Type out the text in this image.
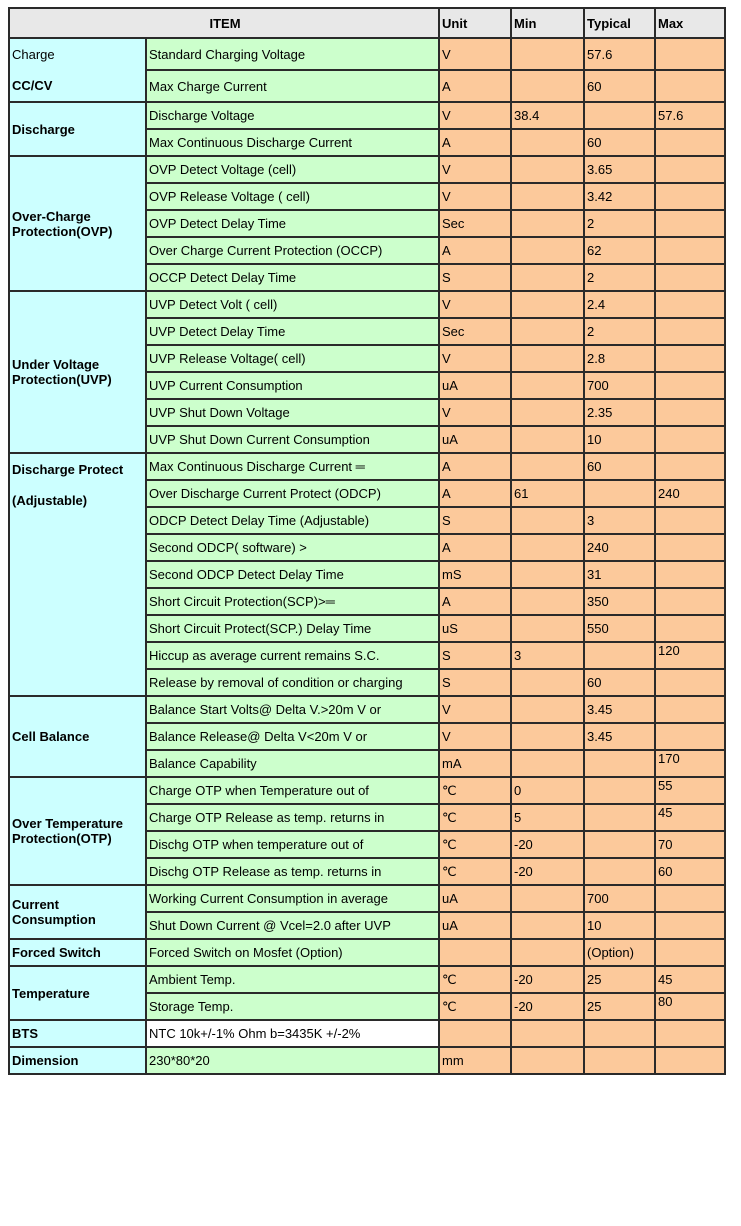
ITEM		Unit	Min	Typical	Max

Charge
CC/CV	Standard Charging Voltage	V		57.6	
	Max Charge Current	A		60	

Discharge	Discharge Voltage	V	38.4		57.6
	Max Continuous Discharge Current	A		60	

Over-Charge
Protection(OVP)	OVP Detect Voltage (cell)	V		3.65	
	OVP Release Voltage ( cell)	V		3.42	
	OVP Detect Delay Time	Sec		2	
	Over Charge Current Protection (OCCP)	A		62	
	OCCP Detect Delay Time	S		2	

Under Voltage
Protection(UVP)	UVP Detect Volt ( cell)	V		2.4	
	UVP Detect Delay Time	Sec		2	
	UVP Release Voltage( cell)	V		2.8	
	UVP Current Consumption	uA		700	
	UVP Shut Down Voltage	V		2.35	
	UVP Shut Down Current Consumption	uA		10	

Discharge Protect
(Adjustable)	Max Continuous Discharge Current ═	A		60	
	Over Discharge Current Protect (ODCP)	A	61		240
	ODCP Detect Delay Time (Adjustable)	S		3	
	Second ODCP( software) >	A		240	
	Second ODCP Detect Delay Time	mS		31	
	Short Circuit Protection(SCP)>═	A		350	
	Short Circuit Protect(SCP.) Delay Time	uS		550	
	Hiccup as average current remains S.C.	S	3		120
	Release by removal of condition or charging	S		60	

Cell Balance	Balance Start Volts@ Delta V.>20m V or	V		3.45	
	Balance Release@ Delta V<20m V or	V		3.45	
	Balance Capability	mA			170

Over Temperature
Protection(OTP)	Charge OTP when Temperature out of	℃	0		55
	Charge OTP Release as temp. returns in	℃	5		45
	Dischg OTP when temperature out of	℃	-20		70
	Dischg OTP Release as temp. returns in	℃	-20		60

Current
Consumption	Working Current Consumption in average	uA		700	
	Shut Down Current @ Vcel=2.0 after UVP	uA		10	

Forced Switch	Forced Switch on Mosfet (Option)			(Option)	

Temperature	Ambient Temp.	℃	-20	25	45
	Storage Temp.	℃	-20	25	80

BTS	NTC 10k+/-1% Ohm b=3435K +/-2%				

Dimension	230*80*20	mm			
